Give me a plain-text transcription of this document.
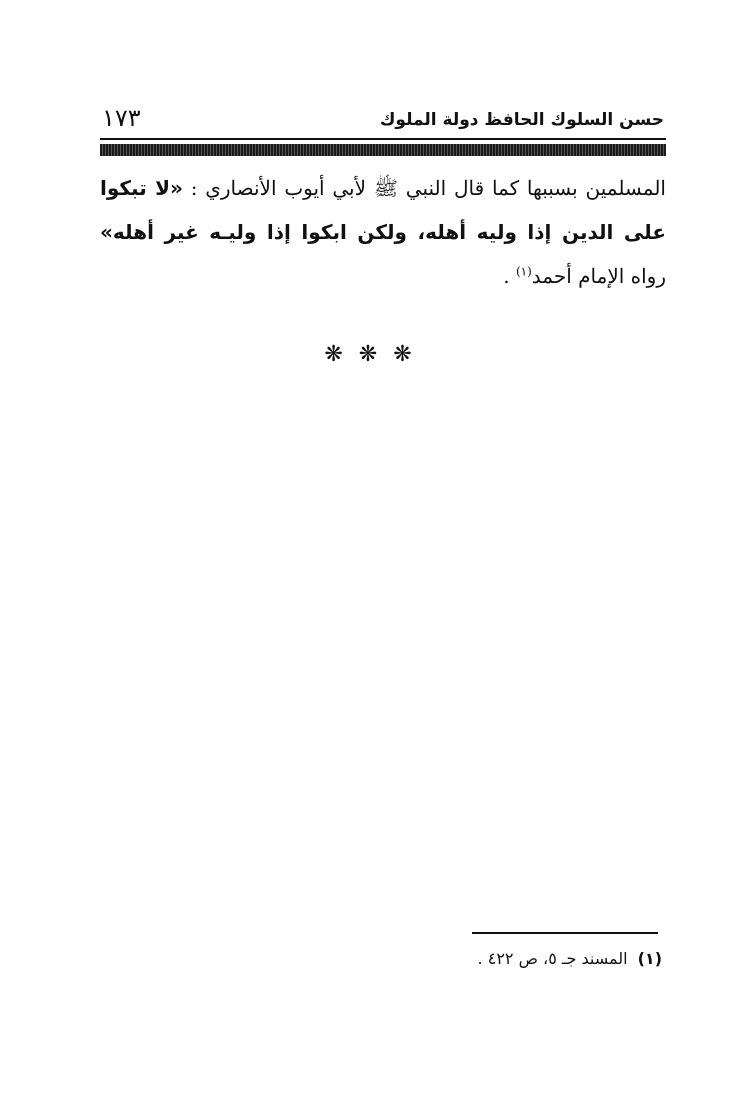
حسن السلوك الحافظ دولة الملوك
١٧٣
المسلمين بسببها كما قال النبي ﷺ لأبي أيوب الأنصاري : «لا تبكوا على الدين إذا وليه أهله، ولكن ابكوا إذا وليـه غير أهله» رواه الإمام أحمد$^{(١)}$ .
❋❋❋
(١)المسند جـ ٥، ص ٤٢٢ .
